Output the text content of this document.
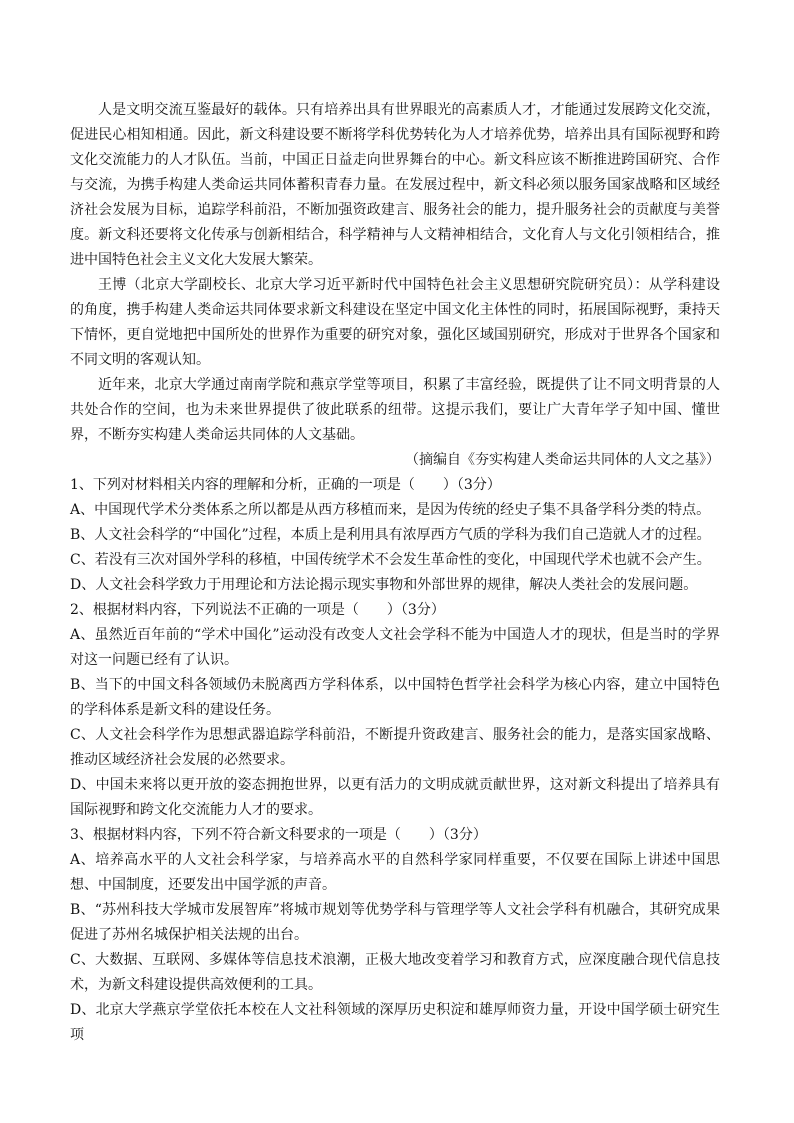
人是文明交流互鉴最好的载体。只有培养出具有世界眼光的高素质人才，才能通过发展跨文化交流，促进民心相知相通。因此，新文科建设要不断将学科优势转化为人才培养优势，培养出具有国际视野和跨文化交流能力的人才队伍。当前，中国正日益走向世界舞台的中心。新文科应该不断推进跨国研究、合作与交流，为携手构建人类命运共同体蓄积青春力量。在发展过程中，新文科必须以服务国家战略和区域经济社会发展为目标，追踪学科前沿，不断加强资政建言、服务社会的能力，提升服务社会的贡献度与美誉度。新文科还要将文化传承与创新相结合，科学精神与人文精神相结合，文化育人与文化引领相结合，推进中国特色社会主义文化大发展大繁荣。

王博（北京大学副校长、北京大学习近平新时代中国特色社会主义思想研究院研究员）：从学科建设的角度，携手构建人类命运共同体要求新文科建设在坚定中国文化主体性的同时，拓展国际视野，秉持天下情怀，更自觉地把中国所处的世界作为重要的研究对象，强化区域国别研究，形成对于世界各个国家和不同文明的客观认知。

近年来，北京大学通过南南学院和燕京学堂等项目，积累了丰富经验，既提供了让不同文明背景的人共处合作的空间，也为未来世界提供了彼此联系的纽带。这提示我们，要让广大青年学子知中国、懂世界，不断夯实构建人类命运共同体的人文基础。

（摘编自《夯实构建人类命运共同体的人文之基》）

1、下列对材料相关内容的理解和分析，正确的一项是（　　）（3分）

A、中国现代学术分类体系之所以都是从西方移植而来，是因为传统的经史子集不具备学科分类的特点。

B、人文社会科学的“中国化”过程，本质上是利用具有浓厚西方气质的学科为我们自己造就人才的过程。

C、若没有三次对国外学科的移植，中国传统学术不会发生革命性的变化，中国现代学术也就不会产生。

D、人文社会科学致力于用理论和方法论揭示现实事物和外部世界的规律，解决人类社会的发展问题。

2、根据材料内容，下列说法不正确的一项是（　　）（3分）

A、虽然近百年前的“学术中国化”运动没有改变人文社会学科不能为中国造人才的现状，但是当时的学界对这一问题已经有了认识。

B、当下的中国文科各领域仍未脱离西方学科体系，以中国特色哲学社会科学为核心内容，建立中国特色的学科体系是新文科的建设任务。

C、人文社会科学作为思想武器追踪学科前沿，不断提升资政建言、服务社会的能力，是落实国家战略、推动区域经济社会发展的必然要求。

D、中国未来将以更开放的姿态拥抱世界，以更有活力的文明成就贡献世界，这对新文科提出了培养具有国际视野和跨文化交流能力人才的要求。

3、根据材料内容，下列不符合新文科要求的一项是（　　）（3分）

A、培养高水平的人文社会科学家，与培养高水平的自然科学家同样重要，不仅要在国际上讲述中国思想、中国制度，还要发出中国学派的声音。

B、“苏州科技大学城市发展智库”将城市规划等优势学科与管理学等人文社会学科有机融合，其研究成果促进了苏州名城保护相关法规的出台。

C、大数据、互联网、多媒体等信息技术浪潮，正极大地改变着学习和教育方式，应深度融合现代信息技术，为新文科建设提供高效便利的工具。

D、北京大学燕京学堂依托本校在人文社科领域的深厚历史积淀和雄厚师资力量，开设中国学硕士研究生项
